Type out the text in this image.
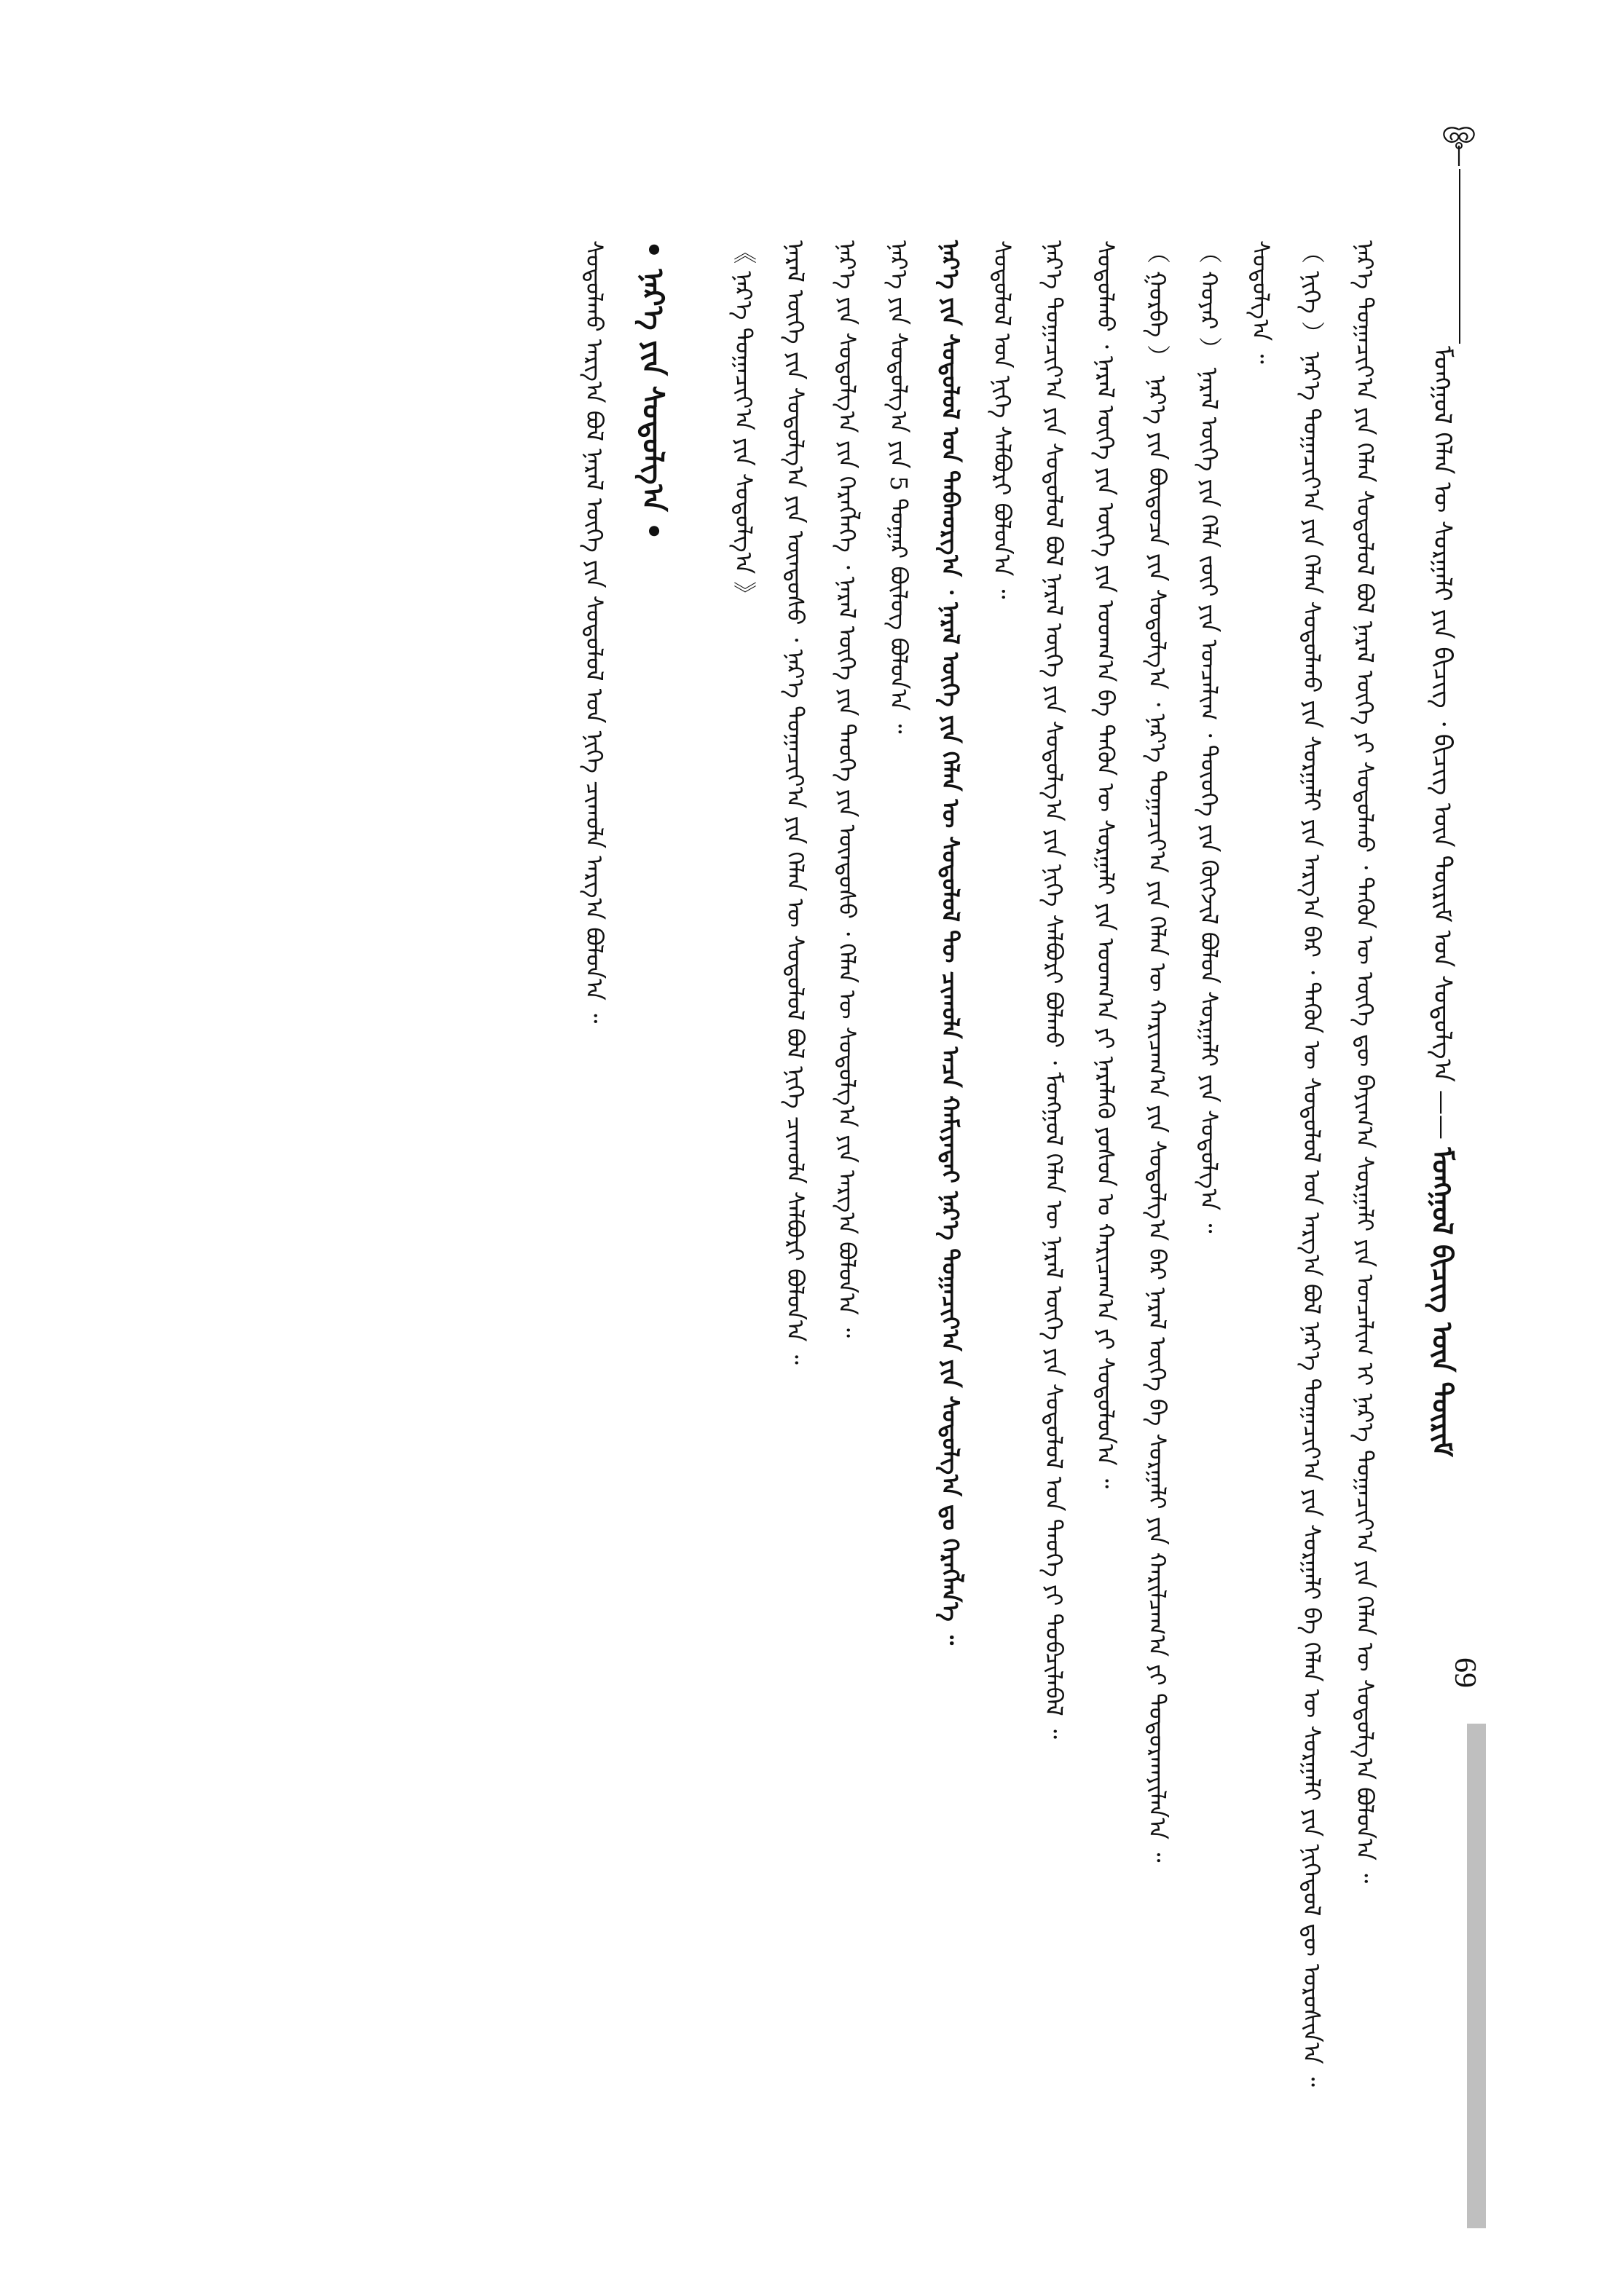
ᠮᠣᠩᠭᠣᠯ ᠬᠡᠯᠡᠨ ᠦ ᠰᠤᠷᠭᠠᠯᠢ ᠶᠢᠨ ᠪᠢᠴᠢᠭ᠌ ᠂ ᠪᠢᠴᠢᠭ᠌ ᠦᠨ ᠳᠦᠷᠢᠮ ᠤᠨ ᠰᠤᠳᠤᠯᠭ᠎ᠠ —— ᠮᠣᠩᠭᠣᠯ ᠪᠢᠴᠢᠭ᠌ ᠦᠨ ᠳᠦᠷᠢᠮ
69
ᠨᠡᠷ᠎ᠡ ᠲᠣᠭᠠᠴᠢᠶ᠎ᠠ ᠶᠢᠨ ᠬᠡᠯᠡᠨ ᠰᠣᠳᠤᠯᠤᠯ ᠪᠣᠯ ᠨᠡᠷᠡᠯ ᠦᠭᠡ ᠶᠢ ᠰᠤᠳᠤᠯᠬᠤ ᠂ ᠲᠡᠭᠦᠨ ᠦ ᠦᠭᠡ ᠳᠦ ᠪᠠᠶᠢᠭ᠎ᠠ ᠰᠤᠷᠭᠠᠯᠢ ᠶᠢᠨ ᠣᠨᠴᠠᠯᠢᠭ ᠢ ᠨᠡᠷ᠎ᠡ ᠲᠣᠭᠠᠴᠢᠶ᠎ᠠ ᠶᠢᠨ ᠬᠡᠯᠡᠨ ᠦ ᠰᠤᠳᠤᠯᠭ᠎ᠠ ᠪᠣᠯᠤᠨ᠎ᠠ ᠃
（ ᠨᠢᠭᠡ ） ᠨᠡᠷ᠎ᠡ ᠲᠣᠭᠠᠴᠢᠶ᠎ᠠ ᠶᠢᠨ ᠬᠡᠯᠡᠨ ᠰᠤᠳᠤᠯᠬᠤ ᠶᠢᠨ ᠰᠤᠷᠭᠠᠯᠢ ᠶᠢᠨ ᠠᠷᠭ᠎ᠠ ᠪᠠᠷ ᠂ ᠲᠡᠭᠦᠨ ᠦ ᠰᠤᠳᠤᠯᠤᠯ ᠤᠨ ᠠᠷᠭ᠎ᠠ ᠪᠣᠯ ᠨᠡᠷ᠎ᠡ ᠲᠣᠭᠠᠴᠢᠶ᠎ᠠ ᠶᠢᠨ ᠰᠤᠷᠭᠠᠯᠢ ᠪᠠ ᠬᠡᠯᠡᠨ ᠦ ᠰᠤᠷᠭᠠᠯᠢ ᠶᠢᠨ ᠨᠢᠭᠡᠳᠦᠯ ᠳᠦ ᠣᠷᠣᠰᠢᠨ᠎ᠠ ᠃
ᠰᠤᠳᠤᠯᠭ᠎ᠠ ᠃
（ ᠬᠣᠶᠠᠷ ） ᠨᠡᠷᠡᠯ ᠦᠭᠡ ᠶᠢᠨ ᠬᠡᠯᠡ ᠵᠦᠢ ᠶᠢᠨ ᠣᠨᠴᠠᠯᠢᠭ ᠂ ᠲᠦᠦᠬᠡ ᠶᠢᠨ ᠬᠦᠭᠵᠢᠯ ᠪᠣᠯᠤᠨ ᠰᠤᠷᠭᠠᠯᠢ ᠶᠢᠨ ᠰᠤᠳᠤᠯᠭ᠎ᠠ ᠃
（ ᠭᠤᠷᠪᠠ ） ᠨᠡᠷ᠎ᠡ ᠶᠢᠨ ᠪᠦᠲᠦᠴᠡ ᠶᠢᠨ ᠰᠤᠳᠤᠯᠭ᠎ᠠ ᠂ ᠨᠡᠷ᠎ᠡ ᠲᠣᠭᠠᠴᠢᠶ᠎ᠠ ᠶᠢᠨ ᠬᠡᠯᠡᠨ ᠦ ᠬᠠᠷᠢᠴᠠᠭ᠎ᠠ ᠶᠢᠨ ᠰᠤᠳᠤᠯᠭ᠎ᠠ ᠪᠠᠷ ᠨᠡᠷᠡᠯ ᠦᠭᠡ ᠪᠠ ᠰᠤᠷᠭᠠᠯᠢ ᠶᠢᠨ ᠬᠠᠷᠢᠯᠴᠠᠭ᠎ᠠ ᠶᠢ ᠲᠣᠳᠤᠷᠬᠠᠶᠢᠯᠠᠨ᠎ᠠ ᠃
ᠰᠤᠳᠤᠯᠬᠤ ᠂ ᠨᠡᠷᠡᠯ ᠦᠭᠡ ᠶᠢᠨ ᠦᠭᠡ ᠶᠢᠨ ᠤᠳᠬ᠎ᠠ ᠪᠠ ᠲᠡᠭᠦᠨ ᠦ ᠰᠤᠷᠭᠠᠯᠢ ᠶᠢᠨ ᠤᠳᠬ᠎ᠠ ᠶᠢ ᠨᠡᠷᠡᠯᠡᠬᠦ ᠶᠣᠰᠣᠨ ᠤ ᠬᠠᠷᠢᠴᠠᠭ᠎ᠠ ᠶᠢ ᠰᠤᠳᠤᠯᠤᠨ᠎ᠠ ᠃
ᠨᠡᠷ᠎ᠡ ᠲᠣᠭᠠᠴᠢᠶ᠎ᠠ ᠶᠢᠨ ᠰᠤᠳᠤᠯᠤᠯ ᠪᠣᠯ ᠨᠡᠷᠡᠯ ᠦᠭᠡ ᠶᠢᠨ ᠰᠤᠳᠤᠯᠭ᠎ᠠ ᠶᠢᠨ ᠨᠢᠭᠡ ᠰᠠᠯᠪᠤᠷᠢ ᠪᠣᠯᠬᠤ ᠂ ᠮᠣᠩᠭᠣᠯ ᠬᠡᠯᠡᠨ ᠦ ᠨᠡᠷᠡᠯ ᠦᠭᠡ ᠶᠢᠨ ᠰᠤᠳᠤᠯᠤᠯ ᠤᠨ ᠲᠡᠦᠬᠡ ᠶᠢ ᠲᠣᠪᠴᠢᠯᠠᠪᠠᠯ ᠃
ᠰᠤᠳᠤᠯᠤᠯ ᠤᠨ ᠨᠢᠭᠡ ᠰᠠᠯᠪᠤᠷᠢ ᠪᠣᠯᠤᠨ᠎ᠠ ᠃
ᠨᠡᠷ᠎ᠡ ᠶᠢᠨ ᠰᠤᠳᠤᠯᠤᠯ ᠤᠨ ᠳᠠᠪᠬᠤᠷᠭ᠎ᠠ ᠂ ᠨᠡᠷᠡᠯ ᠦᠭᠡ ᠶᠢᠨ ᠬᠡᠯᠡᠨ ᠦ ᠰᠤᠳᠤᠯᠤᠯ ᠲᠦ ᠴᠢᠬᠤᠯᠠ ᠠᠴᠠ ᠬᠠᠮᠢᠶᠠᠲᠠᠢ ᠨᠡᠷ᠎ᠡ ᠲᠣᠭᠠᠴᠢᠶ᠎ᠠ ᠶᠢᠨ ᠰᠤᠳᠤᠯᠭ᠎ᠠ ᠳᠤ ᠬᠡᠷᠡᠭᠯᠡᠨ᠎ᠡ ᠃
ᠨᠡᠷ᠎ᠡ ᠶᠢᠨ ᠰᠤᠳᠤᠯᠭ᠎ᠠ ᠶᠢᠨ 5 ᠳᠤᠭᠠᠷ ᠪᠦᠯᠦᠭ ᠪᠣᠯᠤᠨ᠎ᠠ ᠃
ᠨᠡᠷ᠎ᠡ ᠶᠢᠨ ᠰᠤᠳᠤᠯᠭ᠎ᠠ ᠶᠢᠨ ᠬᠡᠷᠡᠭᠯᠡᠭᠡ ᠂ ᠨᠡᠷᠡᠯ ᠦᠭᠡ ᠶᠢᠨ ᠲᠡᠦᠬᠡ ᠶᠢᠨ ᠦᠨᠳᠦᠰᠦ ᠂ ᠬᠡᠯᠡᠨ ᠦ ᠰᠤᠳᠤᠯᠭ᠎ᠠ ᠶᠢᠨ ᠠᠷᠭ᠎ᠠ ᠪᠣᠯᠤᠨ᠎ᠠ ᠃
ᠨᠡᠷᠡᠯ ᠦᠭᠡ ᠶᠢᠨ ᠰᠤᠳᠤᠯᠭ᠎ᠠ ᠶᠢᠨ ᠦᠨᠳᠦᠰᠦ ᠂ ᠨᠡᠷ᠎ᠡ ᠲᠣᠭᠠᠴᠢᠶ᠎ᠠ ᠶᠢᠨ ᠬᠡᠯᠡᠨ ᠦ ᠰᠤᠳᠤᠯᠤᠯ ᠪᠣᠯ ᠨᠢᠭᠡ ᠴᠢᠬᠤᠯᠠ ᠰᠠᠯᠪᠤᠷᠢ ᠪᠣᠯᠤᠨ᠎ᠠ ᠃
《 ᠨᠡᠷ᠎ᠡ ᠲᠣᠭᠠᠴᠢᠶ᠎ᠠ ᠶᠢᠨ ᠰᠤᠳᠤᠯᠭ᠎ᠠ 》
• ᠨᠡᠷ᠎ᠡ ᠶᠢᠨ ᠰᠤᠳᠤᠯᠭ᠎ᠠ •
ᠰᠤᠳᠤᠯᠬᠤ ᠠᠷᠭ᠎ᠠ ᠪᠣᠯ ᠨᠡᠷᠡᠯ ᠦᠭᠡ ᠶᠢᠨ ᠰᠤᠳᠤᠯᠤᠯ ᠤᠨ ᠨᠢᠭᠡ ᠴᠢᠬᠤᠯᠠ ᠠᠷᠭ᠎ᠠ ᠪᠣᠯᠤᠨ᠎ᠠ ᠃
